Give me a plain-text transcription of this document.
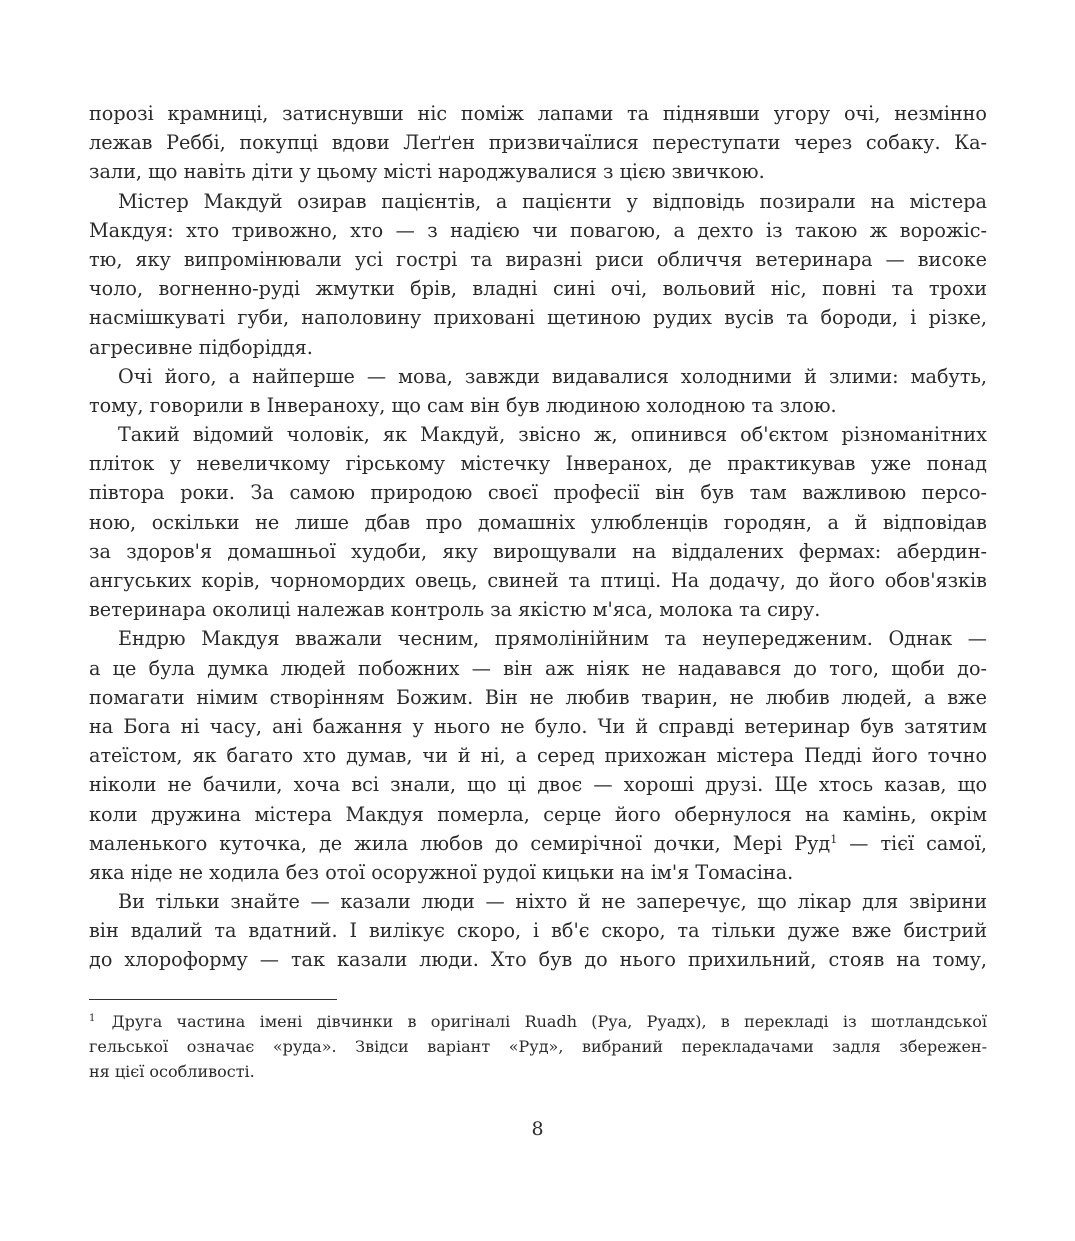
порозі крамниці, затиснувши ніс поміж лапами та піднявши угору очі, незмінно
лежав Реббі, покупці вдови Леґґен призвичаїлися переступати через собаку. Ка-
зали, що навіть діти у цьому місті народжувалися з цією звичкою.
Містер Макдуй озирав пацієнтів, а пацієнти у відповідь позирали на містера
Макдуя: хто тривожно, хто — з надією чи повагою, а дехто із такою ж ворожіс-
тю, яку випромінювали усі гострі та виразні риси обличчя ветеринара — високе
чоло, вогненно-руді жмутки брів, владні сині очі, вольовий ніс, повні та трохи
насмішкуваті губи, наполовину приховані щетиною рудих вусів та бороди, і різке,
агресивне підборіддя.
Очі його, а найперше — мова, завжди видавалися холодними й злими: мабуть,
тому, говорили в Інвераноху, що сам він був людиною холодною та злою.
Такий відомий чоловік, як Макдуй, звісно ж, опинився об'єктом різноманітних
пліток у невеличкому гірському містечку Інверанох, де практикував уже понад
півтора роки. За самою природою своєї професії він був там важливою персо-
ною, оскільки не лише дбав про домашніх улюбленців городян, а й відповідав
за здоров'я домашньої худоби, яку вирощували на віддалених фермах: абердин-
ангуських корів, чорномордих овець, свиней та птиці. На додачу, до його обов'язків
ветеринара околиці належав контроль за якістю м'яса, молока та сиру.
Ендрю Макдуя вважали чесним, прямолінійним та неупередженим. Однак —
а це була думка людей побожних — він аж ніяк не надавався до того, щоби до-
помагати німим створінням Божим. Він не любив тварин, не любив людей, а вже
на Бога ні часу, ані бажання у нього не було. Чи й справді ветеринар був затятим
атеїстом, як багато хто думав, чи й ні, а серед прихожан містера Педді його точно
ніколи не бачили, хоча всі знали, що ці двоє — хороші друзі. Ще хтось казав, що
коли дружина містера Макдуя померла, серце його обернулося на камінь, окрім
маленького куточка, де жила любов до семирічної дочки, Мері Руд$^1$ — тієї самої,
яка ніде не ходила без отої осоружної рудої кицьки на ім'я Томасіна.
Ви тільки знайте — казали люди — ніхто й не заперечує, що лікар для звірини
він вдалий та вдатний. І вилікує скоро, і вб'є скоро, та тільки дуже вже бистрий
до хлороформу — так казали люди. Хто був до нього прихильний, стояв на тому,
$^1$ Друга частина імені дівчинки в оригіналі Ruadh (Руа, Руадх), в перекладі із шотландської
гельської означає «руда». Звідси варіант «Руд», вибраний перекладачами задля збережен-
ня цієї особливості.
8
